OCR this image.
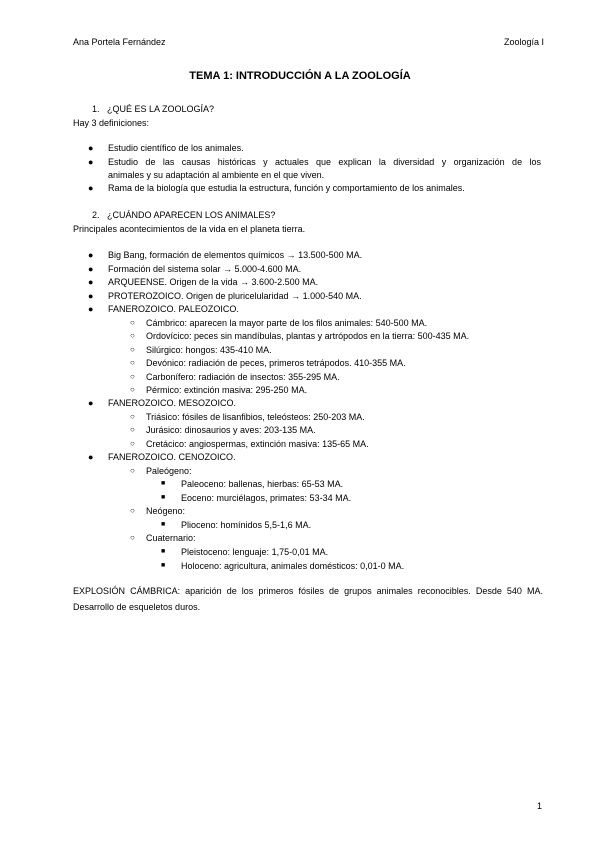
Ana Portela Fernández	Zoología I
TEMA 1: INTRODUCCIÓN A LA ZOOLOGÍA
1. ¿QUÉ ES LA ZOOLOGÍA?
Hay 3 definiciones:
● Estudio científico de los animales.
● Estudio de las causas históricas y actuales que explican la diversidad y organización de los
animales y su adaptación al ambiente en el que viven.
● Rama de la biología que estudia la estructura, función y comportamiento de los animales.
2. ¿CUÁNDO APARECEN LOS ANIMALES?
Principales acontecimientos de la vida en el planeta tierra.
● Big Bang, formación de elementos químicos → 13.500-500 MA.
● Formación del sistema solar → 5.000-4.600 MA.
● ARQUEENSE. Origen de la vida → 3.600-2.500 MA.
● PROTEROZOICO. Origen de pluricelularidad → 1.000-540 MA.
● FANEROZOICO. PALEOZOICO.
○ Cámbrico: aparecen la mayor parte de los filos animales: 540-500 MA.
○ Ordovícico: peces sin mandíbulas, plantas y artrópodos en la tierra: 500-435 MA.
○ Silúrgico: hongos: 435-410 MA.
○ Devónico: radiación de peces, primeros tetrápodos. 410-355 MA.
○ Carbonífero: radiación de insectos: 355-295 MA.
○ Pérmico: extinción masiva: 295-250 MA.
● FANEROZOICO. MESOZOICO.
○ Triásico: fósiles de lisanfibios, teleósteos: 250-203 MA.
○ Jurásico: dinosaurios y aves: 203-135 MA.
○ Cretácico: angiospermas, extinción masiva: 135-65 MA.
● FANEROZOICO. CENOZOICO.
○ Paleógeno:
■ Paleoceno: ballenas, hierbas: 65-53 MA.
■ Eoceno: murciélagos, primates: 53-34 MA.
○ Neógeno:
■ Plioceno: homínidos 5,5-1,6 MA.
○ Cuaternario:
■ Pleistoceno: lenguaje: 1,75-0,01 MA.
■ Holoceno: agricultura, animales domésticos: 0,01-0 MA.
EXPLOSIÓN CÁMBRICA: aparición de los primeros fósiles de grupos animales reconocibles. Desde 540 MA. Desarrollo de esqueletos duros.
1
